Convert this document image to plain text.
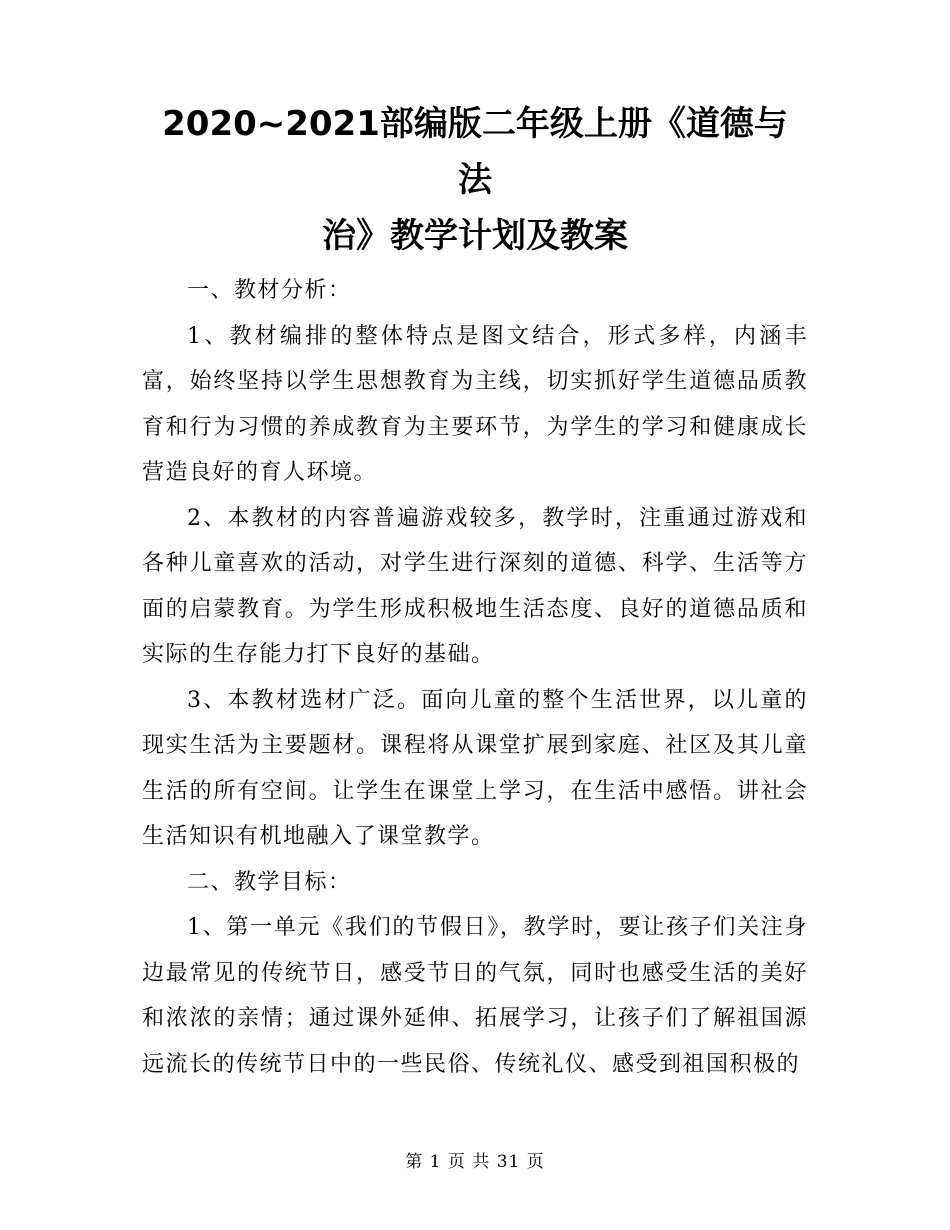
2020~2021部编版二年级上册《道德与法
治》教学计划及教案

一、教材分析：

1、教材编排的整体特点是图文结合，形式多样，内涵丰富，始终坚持以学生思想教育为主线，切实抓好学生道德品质教育和行为习惯的养成教育为主要环节，为学生的学习和健康成长营造良好的育人环境。

2、本教材的内容普遍游戏较多，教学时，注重通过游戏和各种儿童喜欢的活动，对学生进行深刻的道德、科学、生活等方面的启蒙教育。为学生形成积极地生活态度、良好的道德品质和实际的生存能力打下良好的基础。

3、本教材选材广泛。面向儿童的整个生活世界，以儿童的现实生活为主要题材。课程将从课堂扩展到家庭、社区及其儿童生活的所有空间。让学生在课堂上学习，在生活中感悟。讲社会生活知识有机地融入了课堂教学。

二、教学目标：

1、第一单元《我们的节假日》，教学时，要让孩子们关注身边最常见的传统节日，感受节日的气氛，同时也感受生活的美好和浓浓的亲情；通过课外延伸、拓展学习，让孩子们了解祖国源远流长的传统节日中的一些民俗、传统礼仪、感受到祖国积极的

第 1 页 共 31 页
